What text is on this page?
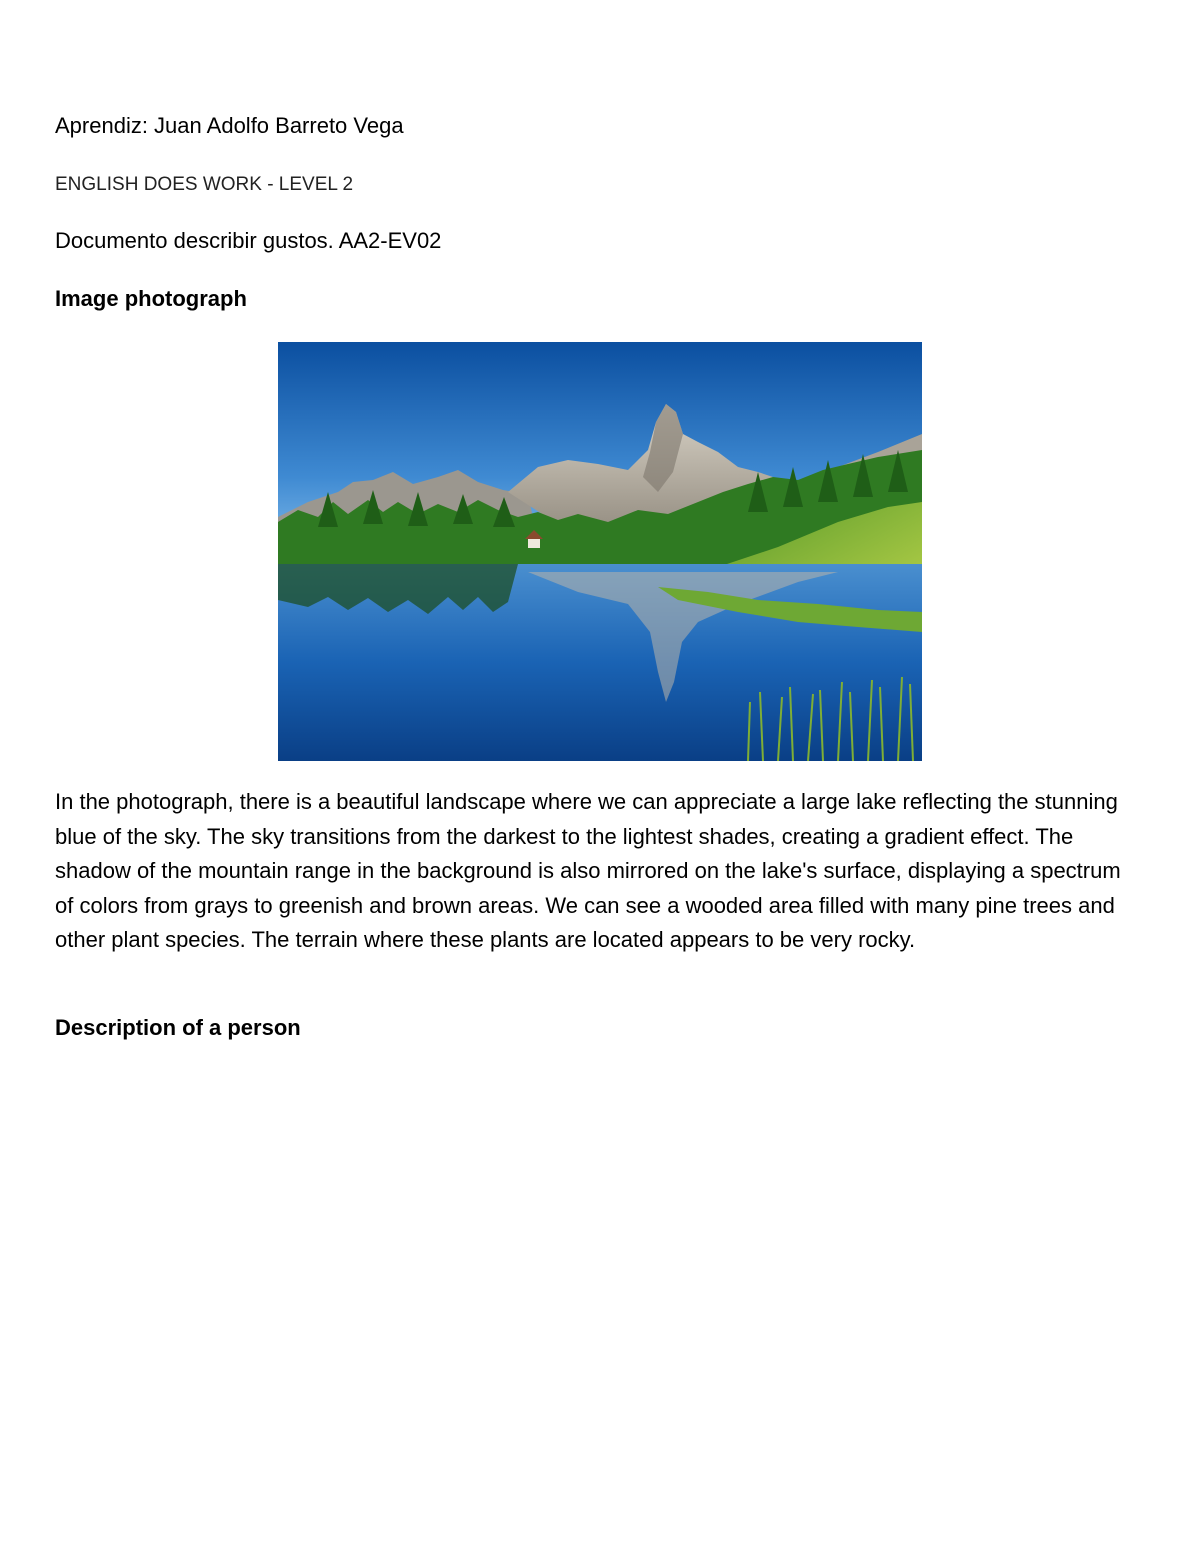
Aprendiz: Juan Adolfo Barreto Vega

ENGLISH DOES WORK - LEVEL 2

Documento describir gustos. AA2-EV02

Image photograph

In the photograph, there is a beautiful landscape where we can appreciate a large lake reflecting the stunning blue of the sky. The sky transitions from the darkest to the lightest shades, creating a gradient effect. The shadow of the mountain range in the background is also mirrored on the lake's surface, displaying a spectrum of colors from grays to greenish and brown areas. We can see a wooded area filled with many pine trees and other plant species. The terrain where these plants are located appears to be very rocky.

Description of a person
